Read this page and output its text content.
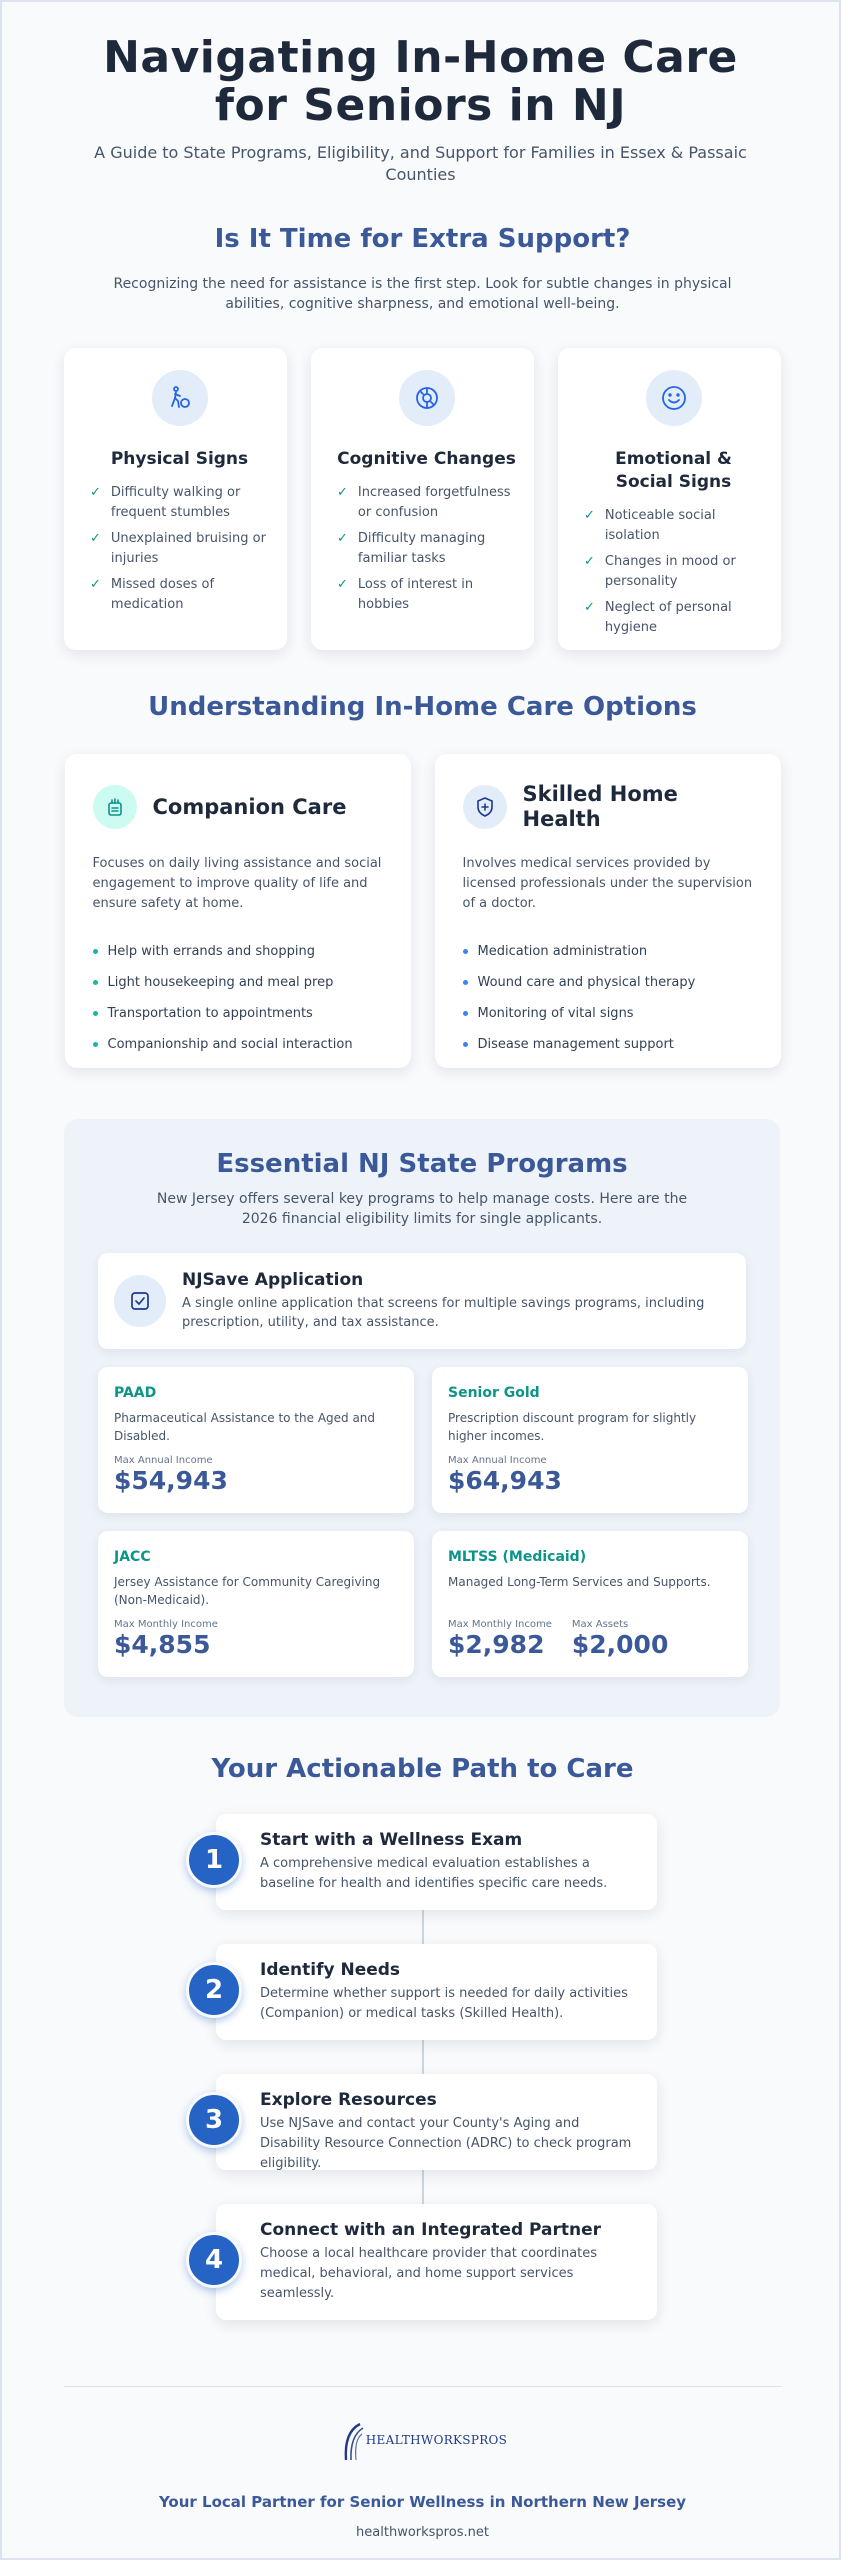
Navigating In-Home Care for Seniors in NJ

A Guide to State Programs, Eligibility, and Support for Families in Essex & Passaic Counties

Is It Time for Extra Support?

Recognizing the need for assistance is the first step. Look for subtle changes in physical abilities, cognitive sharpness, and emotional well-being.

Physical Signs
✓ Difficulty walking or frequent stumbles
✓ Unexplained bruising or injuries
✓ Missed doses of medication
Cognitive Changes
✓ Increased forgetfulness or confusion
✓ Difficulty managing familiar tasks
✓ Loss of interest in hobbies
Emotional & Social Signs
✓ Noticeable social isolation
✓ Changes in mood or personality
✓ Neglect of personal hygiene
Understanding In-Home Care Options
Companion Care

Focuses on daily living assistance and social engagement to improve quality of life and ensure safety at home.

Help with errands and shopping
Light housekeeping and meal prep
Transportation to appointments
Companionship and social interaction
Skilled Home Health

Involves medical services provided by licensed professionals under the supervision of a doctor.

Medication administration
Wound care and physical therapy
Monitoring of vital signs
Disease management support
Essential NJ State Programs

New Jersey offers several key programs to help manage costs. Here are the 2026 financial eligibility limits for single applicants.

NJSave Application

A single online application that screens for multiple savings programs, including prescription, utility, and tax assistance.

PAAD

Pharmaceutical Assistance to the Aged and Disabled.

Max Annual Income
$54,943
Senior Gold

Prescription discount program for slightly higher incomes.

Max Annual Income
$64,943
JACC

Jersey Assistance for Community Caregiving (Non-Medicaid).

Max Monthly Income
$4,855
MLTSS (Medicaid)

Managed Long-Term Services and Supports.

Max Monthly Income
$2,982
Max Assets
$2,000
Your Actionable Path to Care
Start with a Wellness Exam

A comprehensive medical evaluation establishes a baseline for health and identifies specific care needs.

1
Identify Needs

Determine whether support is needed for daily activities (Companion) or medical tasks (Skilled Health).

2
Explore Resources

Use NJSave and contact your County's Aging and Disability Resource Connection (ADRC) to check program eligibility.

3
Connect with an Integrated Partner

Choose a local healthcare provider that coordinates medical, behavioral, and home support services seamlessly.

4
HEALTHWORKSPROS

Your Local Partner for Senior Wellness in Northern New Jersey

healthworkspros.net
